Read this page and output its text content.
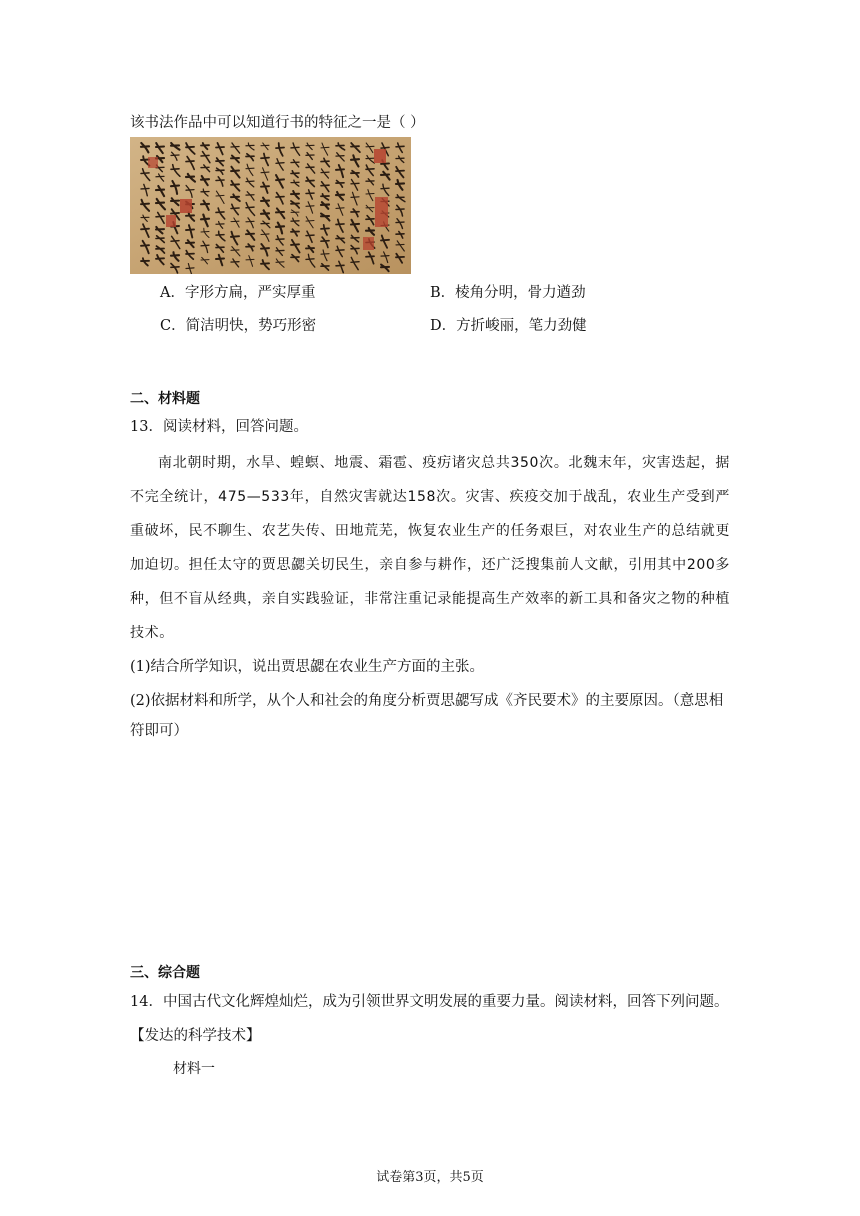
该书法作品中可以知道行书的特征之一是（ ）
A．字形方扁，严实厚重	B．棱角分明，骨力遒劲
C．简洁明快，势巧形密	D．方折峻丽，笔力劲健
二、材料题
13．阅读材料，回答问题。
南北朝时期，水旱、蝗螟、地震、霜雹、疫疠诸灾总共350次。北魏末年，灾害迭起，据不完全统计，475—533年，自然灾害就达158次。灾害、疾疫交加于战乱，农业生产受到严重破坏，民不聊生、农艺失传、田地荒芜，恢复农业生产的任务艰巨，对农业生产的总结就更加迫切。担任太守的贾思勰关切民生，亲自参与耕作，还广泛搜集前人文献，引用其中200多种，但不盲从经典，亲自实践验证，非常注重记录能提高生产效率的新工具和备灾之物的种植技术。
(1)结合所学知识，说出贾思勰在农业生产方面的主张。
(2)依据材料和所学，从个人和社会的角度分析贾思勰写成《齐民要术》的主要原因。（意思相符即可）
三、综合题
14．中国古代文化辉煌灿烂，成为引领世界文明发展的重要力量。阅读材料，回答下列问题。
【发达的科学技术】
材料一
试卷第3页，共5页
